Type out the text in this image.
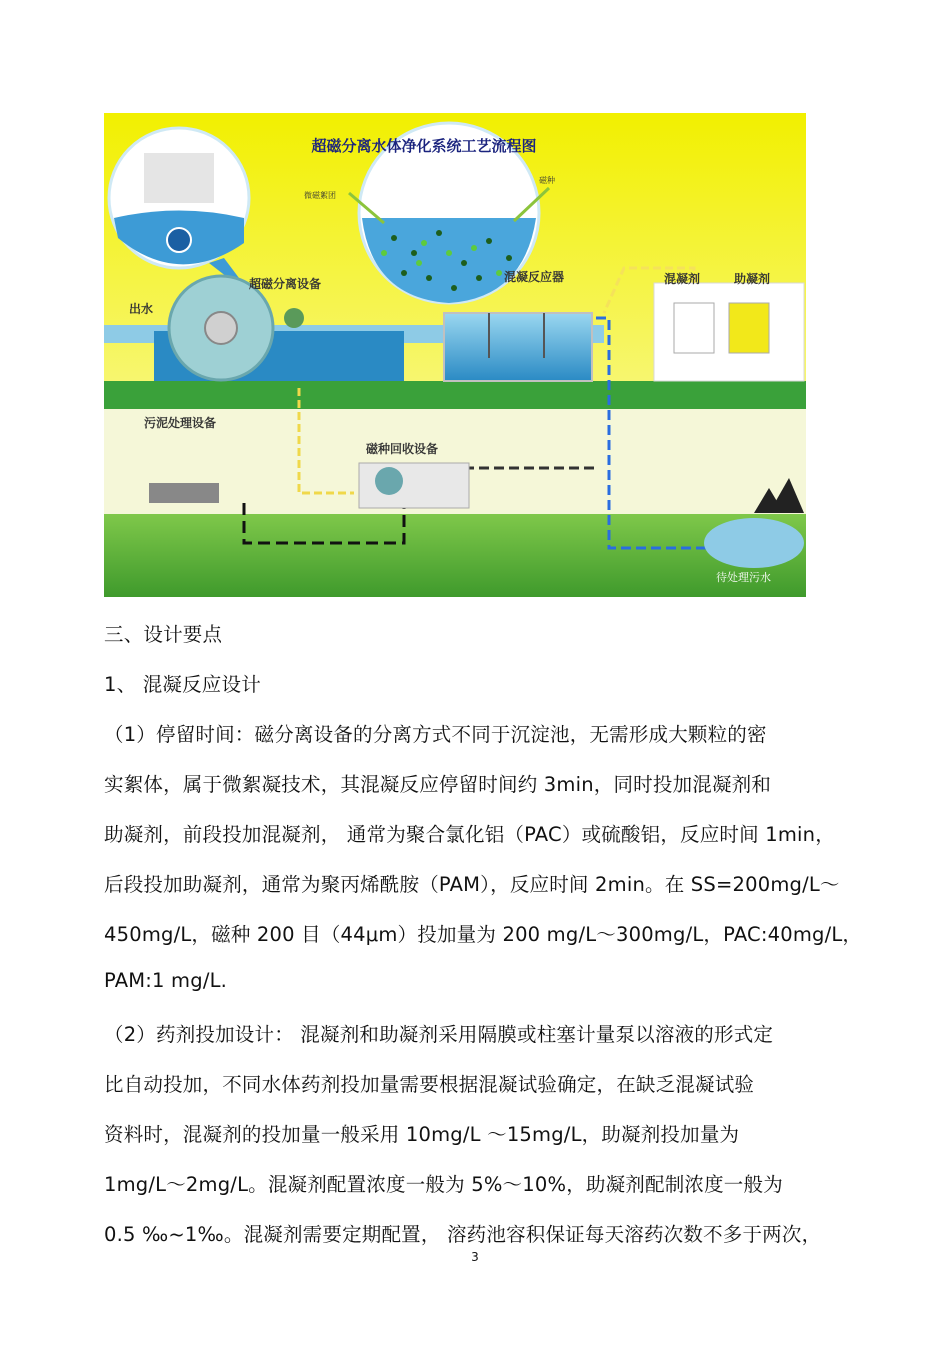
超磁分离水体净化系统工艺流程图
微磁絮团
磁种
出水
超磁分离设备	混凝反应器	混凝剂	助凝剂
污泥处理设备
磁种回收设备
待处理污水
三、设计要点
1、 混凝反应设计
（1）停留时间：磁分离设备的分离方式不同于沉淀池，无需形成大颗粒的密
实絮体，属于微絮凝技术，其混凝反应停留时间约 3min，同时投加混凝剂和
助凝剂，前段投加混凝剂， 通常为聚合氯化铝（PAC）或硫酸铝，反应时间 1min，
后段投加助凝剂，通常为聚丙烯酰胺（PAM），反应时间 2min。在 SS=200mg/L～
450mg/L，磁种 200 目（44μm）投加量为 200 mg/L～300mg/L，PAC:40mg/L，
PAM:1 mg/L.
（2）药剂投加设计： 混凝剂和助凝剂采用隔膜或柱塞计量泵以溶液的形式定
比自动投加，不同水体药剂投加量需要根据混凝试验确定，在缺乏混凝试验
资料时，混凝剂的投加量一般采用 10mg/L ～15mg/L，助凝剂投加量为
1mg/L～2mg/L。混凝剂配置浓度一般为 5%～10%，助凝剂配制浓度一般为
0.5 ‰~1‰。混凝剂需要定期配置， 溶药池容积保证每天溶药次数不多于两次，
3
